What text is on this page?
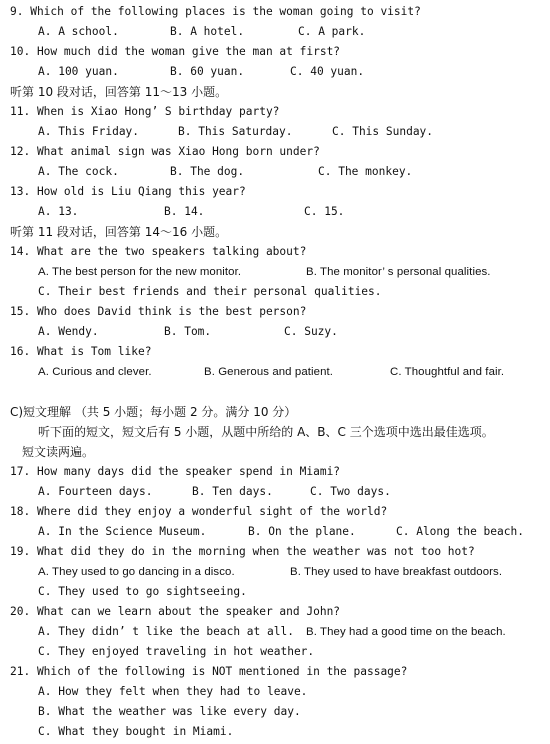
9. Which of the following places is the woman going to visit?
A. A school.	B. A hotel.	C. A park.
10. How much did the woman give the man at first?
A. 100 yuan.	B. 60 yuan.	C. 40 yuan.
听第 10 段对话，回答第 11～13 小题。
11. When is Xiao Hong’ S birthday party?
A. This Friday.	B. This Saturday.	C. This Sunday.
12. What animal sign was Xiao Hong born under?
A. The cock.	B. The dog.	C. The monkey.
13. How old is Liu Qiang this year?
A. 13.	B. 14.	C. 15.
听第 11 段对话，回答第 14～16 小题。
14. What are the two speakers talking about?
A. The best person for the new monitor.	B. The monitor’ s personal qualities.
C. Their best friends and their personal qualities.
15. Who does David think is the best person?
A. Wendy.	B. Tom.	C. Suzy.
16. What is Tom like?
A. Curious and clever.	B. Generous and patient.	C. Thoughtful and fair.
C)短文理解 （共 5 小题；每小题 2 分。满分 10 分）
听下面的短文，短文后有 5 小题，从题中所给的 A、B、C 三个选项中选出最佳选项。
短文读两遍。
17. How many days did the speaker spend in Miami?
A. Fourteen days.	B. Ten days.	C. Two days.
18. Where did they enjoy a wonderful sight of the world?
A. In the Science Museum.	B. On the plane.	C. Along the beach.
19. What did they do in the morning when the weather was not too hot?
A. They used to go dancing in a disco.	B. They used to have breakfast outdoors.
C. They used to go sightseeing.
20. What can we learn about the speaker and John?
A. They didn’ t like the beach at all. B. They had a good time on the beach.
C. They enjoyed traveling in hot weather.
21. Which of the following is NOT mentioned in the passage?
A. How they felt when they had to leave.
B. What the weather was like every day.
C. What they bought in Miami.
